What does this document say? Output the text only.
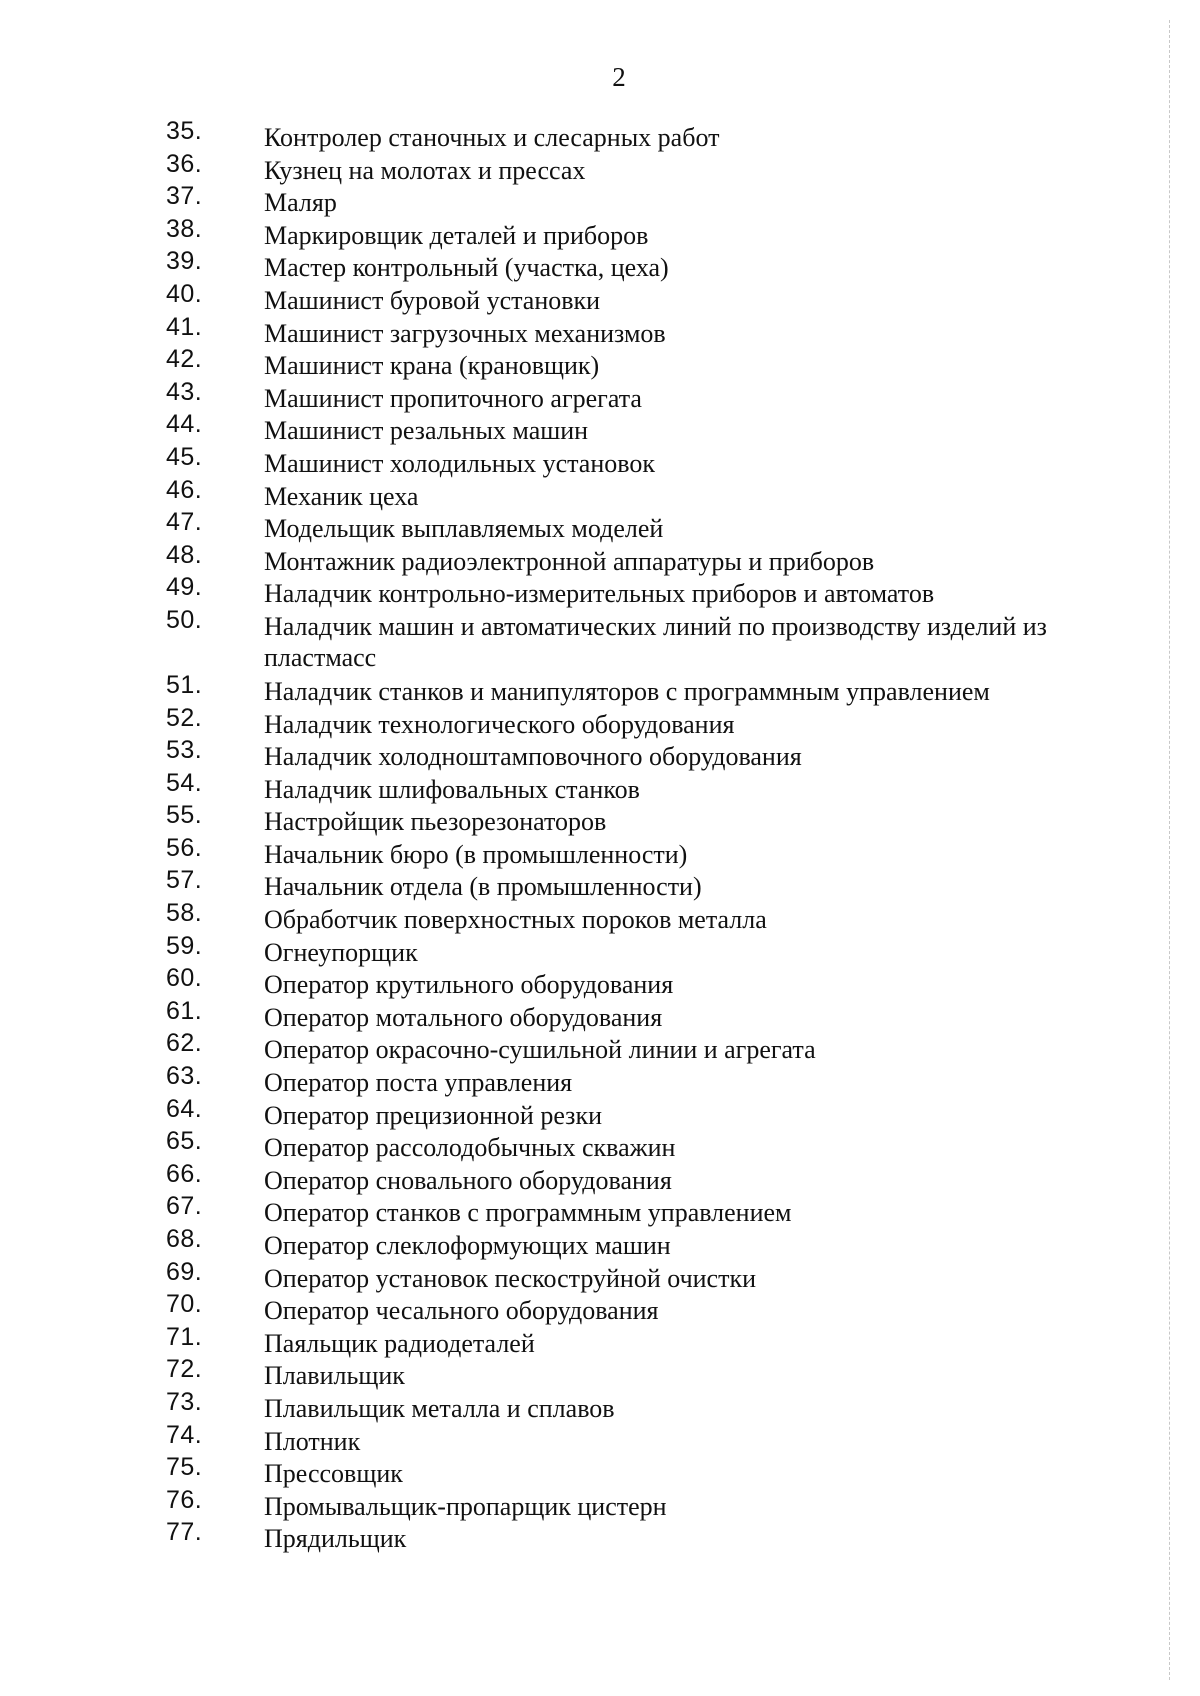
2
35. Контролер станочных и слесарных работ
36. Кузнец на молотах и прессах
37. Маляр
38. Маркировщик деталей и приборов
39. Мастер контрольный (участка, цеха)
40. Машинист буровой установки
41. Машинист загрузочных механизмов
42. Машинист крана (крановщик)
43. Машинист пропиточного агрегата
44. Машинист резальных машин
45. Машинист холодильных установок
46. Механик цеха
47. Модельщик выплавляемых моделей
48. Монтажник радиоэлектронной аппаратуры и приборов
49. Наладчик контрольно-измерительных приборов и автоматов
50. Наладчик машин и автоматических линий по производству изделий из пластмасс
51. Наладчик станков и манипуляторов с программным управлением
52. Наладчик технологического оборудования
53. Наладчик холодноштамповочного оборудования
54. Наладчик шлифовальных станков
55. Настройщик пьезорезонаторов
56. Начальник бюро (в промышленности)
57. Начальник отдела (в промышленности)
58. Обработчик поверхностных пороков металла
59. Огнеупорщик
60. Оператор крутильного оборудования
61. Оператор мотального оборудования
62. Оператор окрасочно-сушильной линии и агрегата
63. Оператор поста управления
64. Оператор прецизионной резки
65. Оператор рассолодобычных скважин
66. Оператор сновального оборудования
67. Оператор станков с программным управлением
68. Оператор слеклоформующих машин
69. Оператор установок пескоструйной очистки
70. Оператор чесального оборудования
71. Паяльщик радиодеталей
72. Плавильщик
73. Плавильщик металла и сплавов
74. Плотник
75. Прессовщик
76. Промывальщик-пропарщик цистерн
77. Прядильщик
